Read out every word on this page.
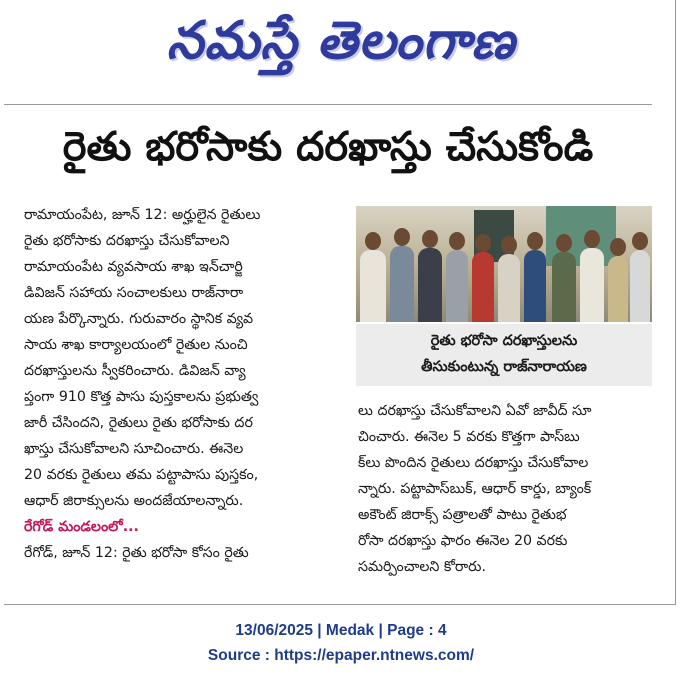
నమస్తే తెలంగాణ
రైతు భరోసాకు దరఖాస్తు చేసుకోండి
రామాయంపేట, జూన్ 12: అర్హులైన రైతులు
రైతు భరోసాకు దరఖాస్తు చేసుకోవాలని
రామాయంపేట వ్యవసాయ శాఖ ఇన్‌చార్జి
డివిజన్ సహాయ సంచాలకులు రాజ్‌నారా
యణ పేర్కొన్నారు. గురువారం స్థానిక వ్యవ
సాయ శాఖ కార్యాలయంలో రైతుల నుంచి
దరఖాస్తులను స్వీకరించారు. డివిజన్ వ్యా
ప్తంగా 910 కొత్త పాసు పుస్తకాలను ప్రభుత్వ
జారీ చేసిందని, రైతులు రైతు భరోసాకు దర
ఖాస్తు చేసుకోవాలని సూచించారు. ఈనెల
20 వరకు రైతులు తమ పట్టాపాసు పుస్తకం,
ఆధార్ జిరాక్సులను అందజేయాలన్నారు.
రేగోడ్ మండలంలో...
రేగోడ్, జూన్ 12: రైతు భరోసా కోసం రైతు
రైతు భరోసా దరఖాస్తులను
తీసుకుంటున్న రాజ్‌నారాయణ
లు దరఖాస్తు చేసుకోవాలని ఏవో జావీద్ సూ
చించారు. ఈనెల 5 వరకు కొత్తగా పాస్‌బు
క్‌లు పొందిన రైతులు దరఖాస్తు చేసుకోవాల
న్నారు. పట్టాపాస్‌బుక్, ఆధార్ కార్డు, బ్యాంక్
అకౌంట్ జిరాక్స్ పత్రాలతో పాటు రైతుభ
రోసా దరఖాస్తు ఫారం ఈనెల 20 వరకు
సమర్పించాలని కోరారు.
13/06/2025 | Medak | Page : 4
Source : https://epaper.ntnews.com/
